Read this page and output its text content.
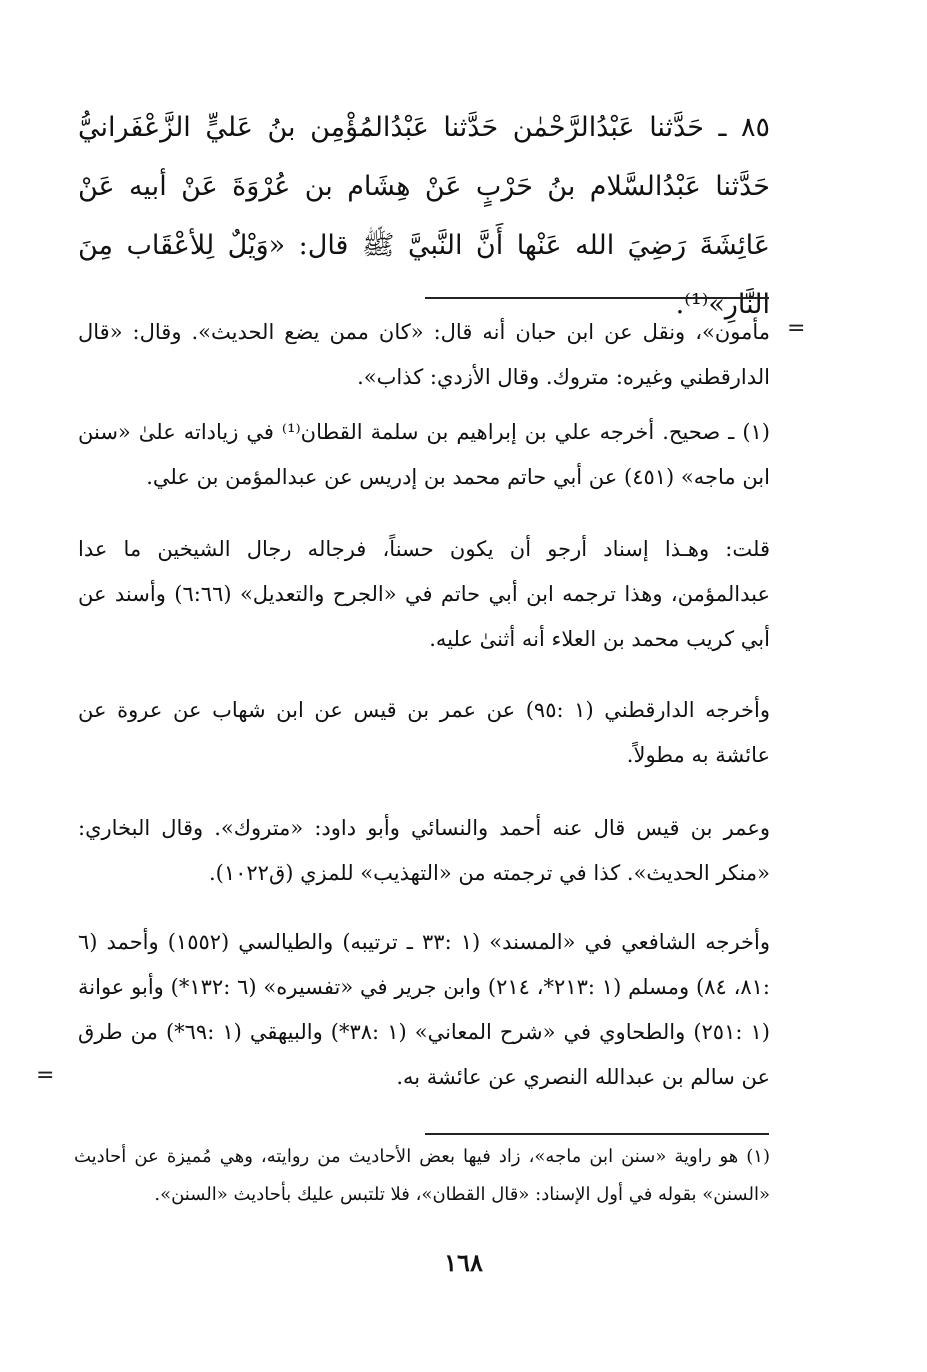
٨٥ ـ حَدَّثنا عَبْدُالرَّحْمٰن حَدَّثنا عَبْدُالمُؤْمِن بنُ عَليٍّ الزَّعْفَرانيُّ حَدَّثنا عَبْدُالسَّلام بنُ حَرْبٍ عَنْ هِشَام بن عُرْوَةَ عَنْ أبيه عَنْ عَائِشَةَ رَضِيَ الله عَنْها أَنَّ النَّبيَّ ﷺ قال: «وَيْلٌ لِلأعْقَاب مِنَ النَّارِ»⁽¹⁾.

=

مأمون»، ونقل عن ابن حبان أنه قال: «كان ممن يضع الحديث». وقال: «قال الدارقطني وغيره: متروك. وقال الأزدي: كذاب».

(١) ـ صحيح. أخرجه علي بن إبراهيم بن سلمة القطان⁽¹⁾ في زياداته علىٰ «سنن ابن ماجه» (٤٥١) عن أبي حاتم محمد بن إدريس عن عبدالمؤمن بن علي.

قلت: وهـذا إسناد أرجو أن يكون حسناً، فرجاله رجال الشيخين ما عدا عبدالمؤمن، وهذا ترجمه ابن أبي حاتم في «الجرح والتعديل» (٦:٦٦) وأسند عن أبي كريب محمد بن العلاء أنه أثنىٰ عليه.

وأخرجه الدارقطني (١ :٩٥) عن عمر بن قيس عن ابن شهاب عن عروة عن عائشة به مطولاً.

وعمر بن قيس قال عنه أحمد والنسائي وأبو داود: «متروك». وقال البخاري: «منكر الحديث». كذا في ترجمته من «التهذيب» للمزي (ق١٠٢٢).

وأخرجه الشافعي في «المسند» (١ :٣٣ ـ ترتيبه) والطيالسي (١٥٥٢) وأحمد (٦ :٨١، ٨٤) ومسلم (١ :٢١٣*، ٢١٤) وابن جرير في «تفسيره» (٦ :١٣٢*) وأبو عوانة (١ :٢٥١) والطحاوي في «شرح المعاني» (١ :٣٨*) والبيهقي (١ :٦٩*) من طرق عن سالم بن عبدالله النصري عن عائشة به.

=

(١) هو راوية «سنن ابن ماجه»، زاد فيها بعض الأحاديث من روايته، وهي مُميزة عن أحاديث «السنن» بقوله في أول الإسناد: «قال القطان»، فلا تلتبس عليك بأحاديث «السنن».

١٦٨
